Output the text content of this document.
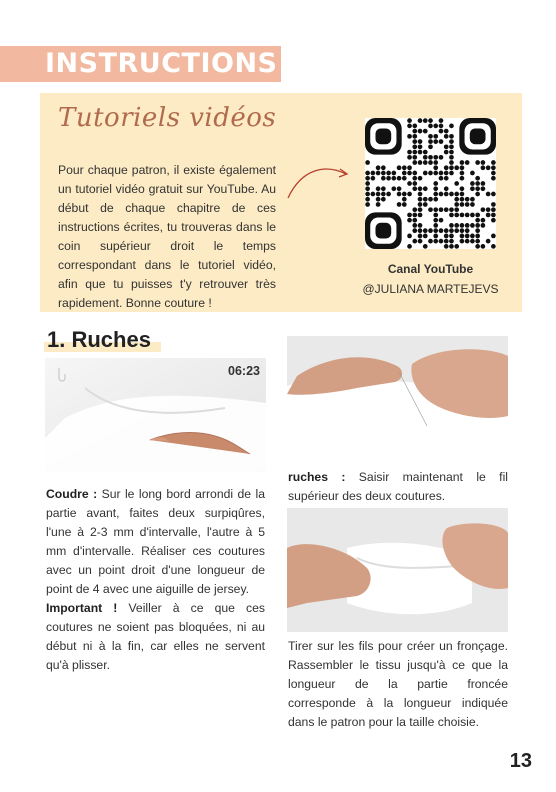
INSTRUCTIONS
Tutoriels vidéos
Pour chaque patron, il existe également un tutoriel vidéo gratuit sur YouTube. Au début de chaque chapitre de ces instructions écrites, tu trouveras dans le coin supérieur droit le temps correspondant dans le tutoriel vidéo, afin que tu puisses t'y retrouver très rapidement. Bonne couture !
Canal YouTube
@JULIANA MARTEJEVS
1. Ruches
06:23
Coudre : Sur le long bord arrondi de la partie avant, faites deux surpiqûres, l'une à 2-3 mm d'intervalle, l'autre à 5 mm d'intervalle. Réaliser ces coutures avec un point droit d'une longueur de point de 4 avec une aiguille de jersey.
Important ! Veiller à ce que ces coutures ne soient pas bloquées, ni au début ni à la fin, car elles ne servent qu'à plisser.
ruches : Saisir maintenant le fil supérieur des deux coutures.
Tirer sur les fils pour créer un fronçage. Rassembler le tissu jusqu'à ce que la longueur de la partie froncée corresponde à la longueur indiquée dans le patron pour la taille choisie.
13
